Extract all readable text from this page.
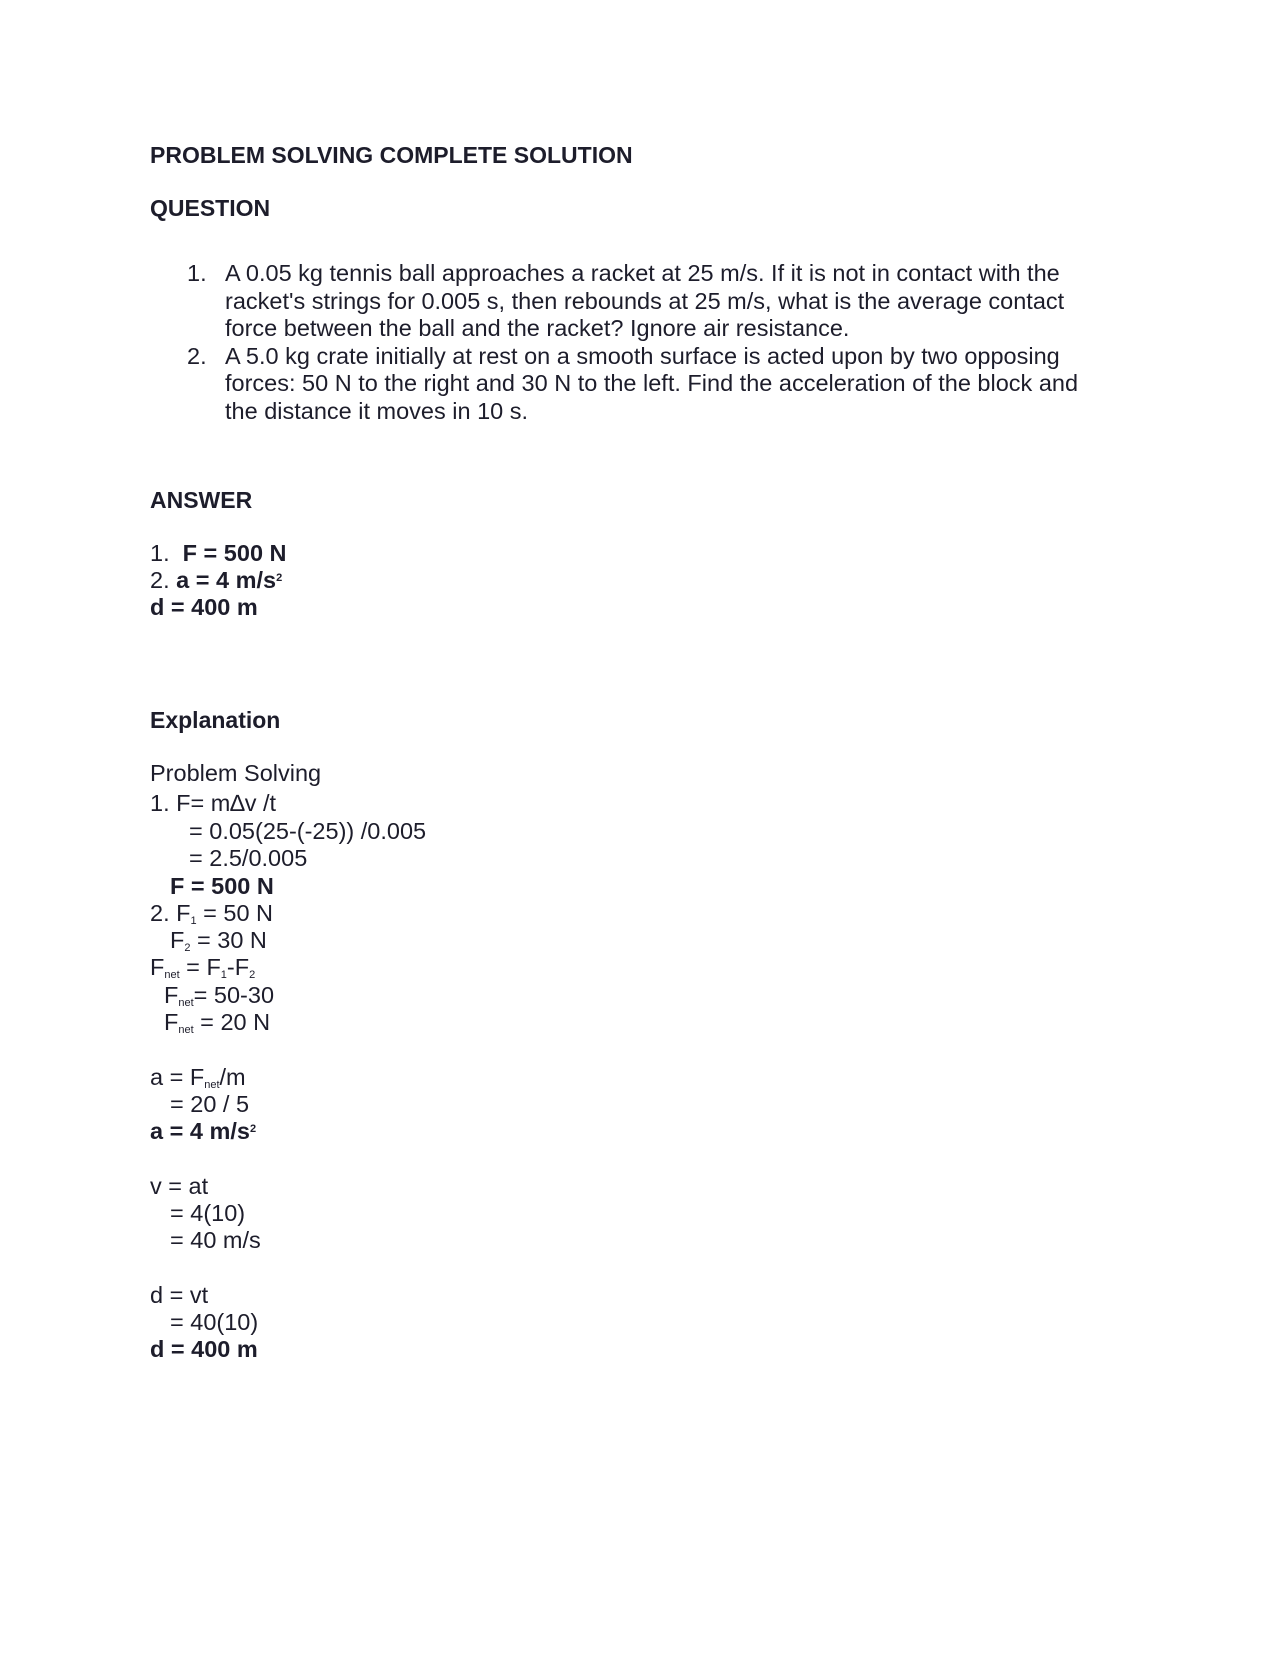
PROBLEM SOLVING COMPLETE SOLUTION
QUESTION
1. A 0.05 kg tennis ball approaches a racket at 25 m/s. If it is not in contact with the racket's strings for 0.005 s, then rebounds at 25 m/s, what is the average contact force between the ball and the racket? Ignore air resistance.
2. A 5.0 kg crate initially at rest on a smooth surface is acted upon by two opposing forces: 50 N to the right and 30 N to the left. Find the acceleration of the block and the distance it moves in 10 s.
ANSWER
1. F = 500 N
2. a = 4 $m/s^2$
d = 400 m
Explanation
Problem Solving
1. F= m∆v /t
= 0.05(25-(-25)) /0.005
= 2.5/0.005
F = 500 N
2. $F_1 = 50$ N
$F_2 = 30$ N
$F_{net} = F_1-F_2$
$F_{net}= 50-30$
$F_{net} = 20$ N
$a = F_{net}/m$
= 20 / 5
a = 4 $m/s^2$
v = at
= 4(10)
= 40 m/s
d = vt
= 40(10)
d = 400 m
